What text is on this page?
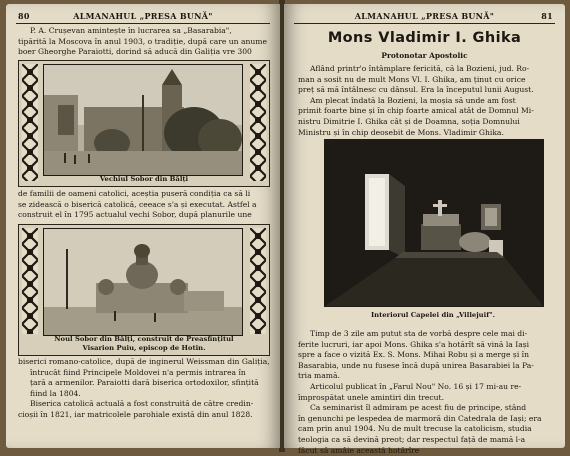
80	ALMANAHUL „PRESA BUNĂ"

P. A. Crușevan amintește în lucrarea sa „Basarabia",

tipărită la Moscova în anul 1903, o tradiție, după care un anume

boer Gheorghe Paraiotti, dorind să aducă din Galiția vre 300

Vechiul Sobor din Bălți

de familii de oameni catolici, aceștia puseră condiția ca să li

se zidească o biserică catolică, ceeace s'a și executat. Astfel a

construit el în 1795 actualul vechi Sobor, după planurile une

Noul Sobor din Bălți, construit de Preasfințitul
Visarion Puiu, episcop de Hotin.

biserici romano-catolice, după de inginerul Weissman din Galiția,

întrucât fiind Principele Moldovei n'a permis intrarea în

țară a armenilor. Paraiotti dară biserica ortodoxilor, sfințită

fiind la 1804.

Biserica catolică actuală a fost construită de către credin-

cioșii în 1821, iar matricolele parohiale există din anul 1828.

ALMANAHUL „PRESA BUNĂ"	81
Mons Vladimir I. Ghika
Protonotar Apostolic

Aflând printr'o întâmplare fericită, că la Bozieni, jud. Ro-

man a sosit nu de mult Mons Vl. I. Ghika, am ținut cu orice

preț să mă întâlnesc cu dânsul. Era la începutul lunii August.

Am plecat îndată la Bozieni, la moșia să unde am fost

primit foarte bine și în chip foarte amical atât de Domnul Mi-

nistru Dimitrie I. Ghika cât și de Doamna, soția Domnului

Ministru și în chip deosebit de Mons. Vladimir Ghika.

Interiorul Capelei din „Villejuif".

Timp de 3 zile am putut sta de vorbă despre cele mai di-

ferite lucruri, iar apoi Mons. Ghika s'a hotărît să vină la Iași

spre a face o vizită Ex. S. Mons. Mihai Robu și a merge și în

Basarabia, unde nu fusese încă după unirea Basarabiei la Pa-

tria mamă.

Articolul publicat în „Farul Nou" No. 16 și 17 mi-au re-

împrospătat unele amintiri din trecut.

Ca seminarist îl admiram pe acest fiu de principe, stând

în genunchi pe lespedea de marmoră din Catedrala de Iași; era

cam prin anul 1904. Nu de mult trecuse la catolicism, studia

teologia ca să devină preot; dar respectul față de mamă l-a

făcut să amâie această hotărîre
